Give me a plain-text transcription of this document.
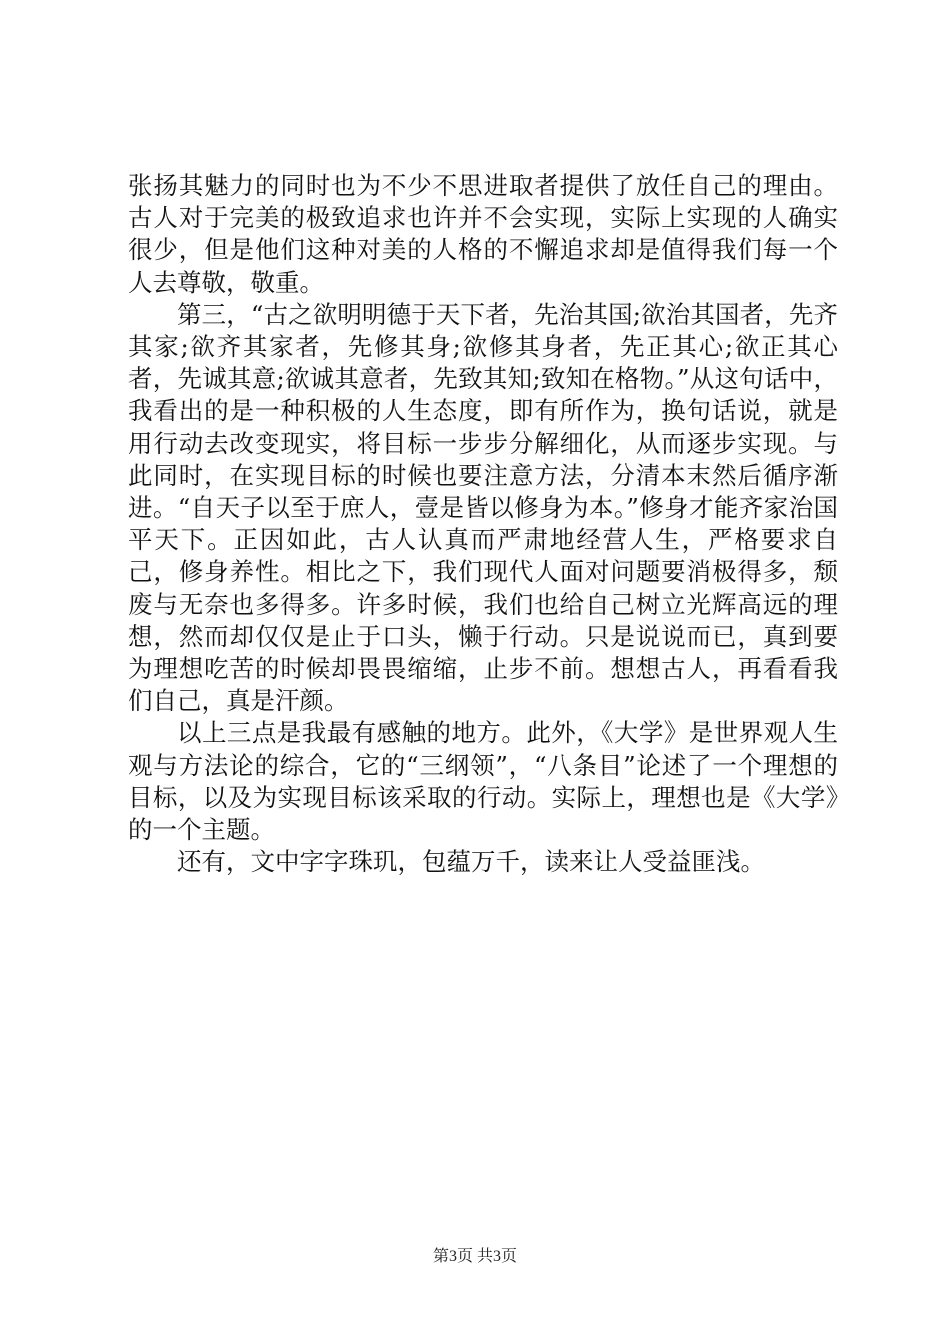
张扬其魅力的同时也为不少不思进取者提供了放任自己的理由。古人对于完美的极致追求也许并不会实现，实际上实现的人确实很少，但是他们这种对美的人格的不懈追求却是值得我们每一个人去尊敬，敬重。

第三，“古之欲明明德于天下者，先治其国;欲治其国者，先齐其家;欲齐其家者，先修其身;欲修其身者，先正其心;欲正其心者，先诚其意;欲诚其意者，先致其知;致知在格物。”从这句话中，我看出的是一种积极的人生态度，即有所作为，换句话说，就是用行动去改变现实，将目标一步步分解细化，从而逐步实现。与此同时，在实现目标的时候也要注意方法，分清本末然后循序渐进。“自天子以至于庶人，壹是皆以修身为本。”修身才能齐家治国平天下。正因如此，古人认真而严肃地经营人生，严格要求自己，修身养性。相比之下，我们现代人面对问题要消极得多，颓废与无奈也多得多。许多时候，我们也给自己树立光辉高远的理想，然而却仅仅是止于口头，懒于行动。只是说说而已，真到要为理想吃苦的时候却畏畏缩缩，止步不前。想想古人，再看看我们自己，真是汗颜。

以上三点是我最有感触的地方。此外，《大学》是世界观人生观与方法论的综合，它的“三纲领”，“八条目”论述了一个理想的目标，以及为实现目标该采取的行动。实际上，理想也是《大学》的一个主题。

还有，文中字字珠玑，包蕴万千，读来让人受益匪浅。

第3页 共3页
